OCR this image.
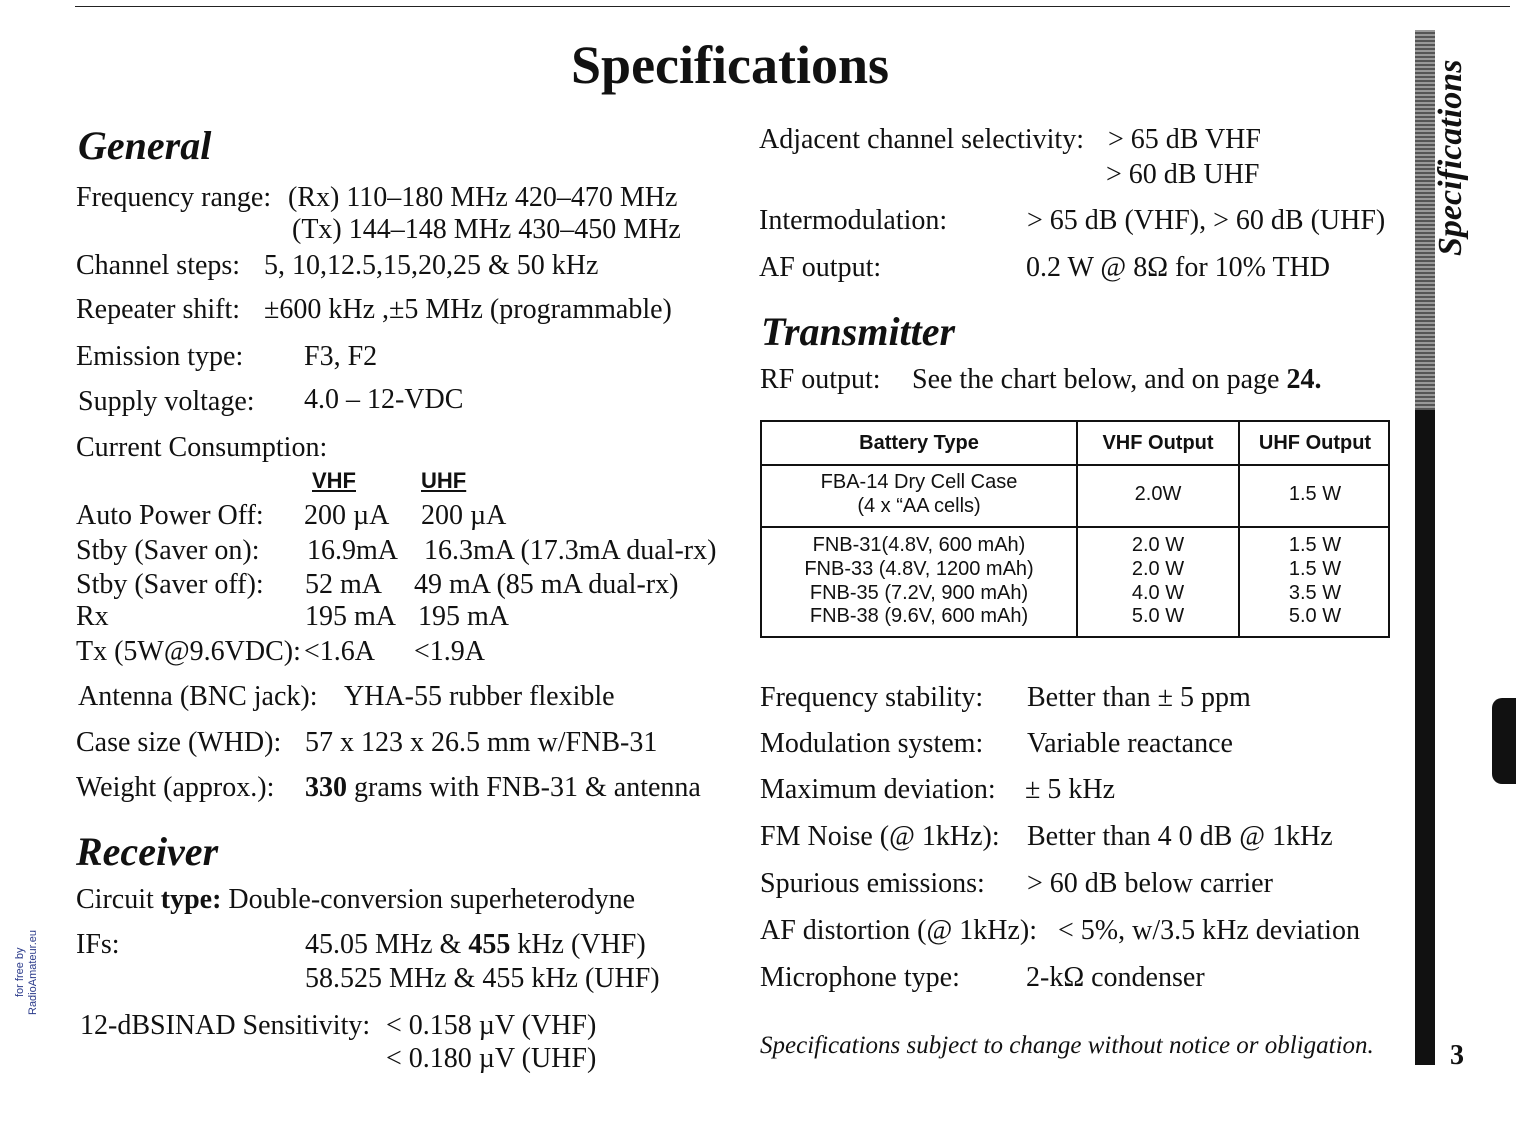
Specifications
General
Frequency range: (Rx) 110–180 MHz 420–470 MHz
(Tx) 144–148 MHz 430–450 MHz
Channel steps: 5, 10,12.5,15,20,25 & 50 kHz
Repeater shift: ±600 kHz ,±5 MHz (programmable)
Emission type: F3, F2
Supply voltage: 4.0 – 12-VDC
Current Consumption:
VHF	UHF
Auto Power Off: 200 µA 200 µA
Stby (Saver on): 16.9mA 16.3mA (17.3mA dual-rx)
Stby (Saver off): 52 mA 49 mA (85 mA dual-rx)
Rx	195 mA 195 mA
Tx (5W@9.6VDC): <1.6A <1.9A
Antenna (BNC jack): YHA-55 rubber flexible
Case size (WHD): 57 x 123 x 26.5 mm w/FNB-31
Weight (approx.): 330 grams with FNB-31 & antenna
Receiver
Circuit type: Double-conversion superheterodyne
IFs:	45.05 MHz & 455 kHz (VHF)
58.525 MHz & 455 kHz (UHF)
12-dBSINAD Sensitivity: < 0.158 µV (VHF)
< 0.180 µV (UHF)
Adjacent channel selectivity: > 65 dB VHF
> 60 dB UHF
Intermodulation:	> 65 dB (VHF), > 60 dB (UHF)
AF output:	0.2 W @ 8Ω for 10% THD
Transmitter
RF output: See the chart below, and on page 24.
Battery Type	VHF Output	UHF Output
FBA-14 Dry Cell Case
(4 x “AA cells)
2.0W	1.5 W
FNB-31(4.8V, 600 mAh)	2.0 W	1.5 W
FNB-33 (4.8V, 1200 mAh)	2.0 W	1.5 W
FNB-35 (7.2V, 900 mAh)	4.0 W	3.5 W
FNB-38 (9.6V, 600 mAh)	5.0 W	5.0 W
Frequency stability: Better than ± 5 ppm
Modulation system: Variable reactance
Maximum deviation: ± 5 kHz
FM Noise (@ 1kHz): Better than 4 0 dB @ 1kHz
Spurious emissions: > 60 dB below carrier
AF distortion (@ 1kHz): < 5%, w/3.5 kHz deviation
Microphone type: 2-kΩ condenser
Specifications subject to change without notice or obligation.
Specifications
3
for free by
RadioAmateur.eu
